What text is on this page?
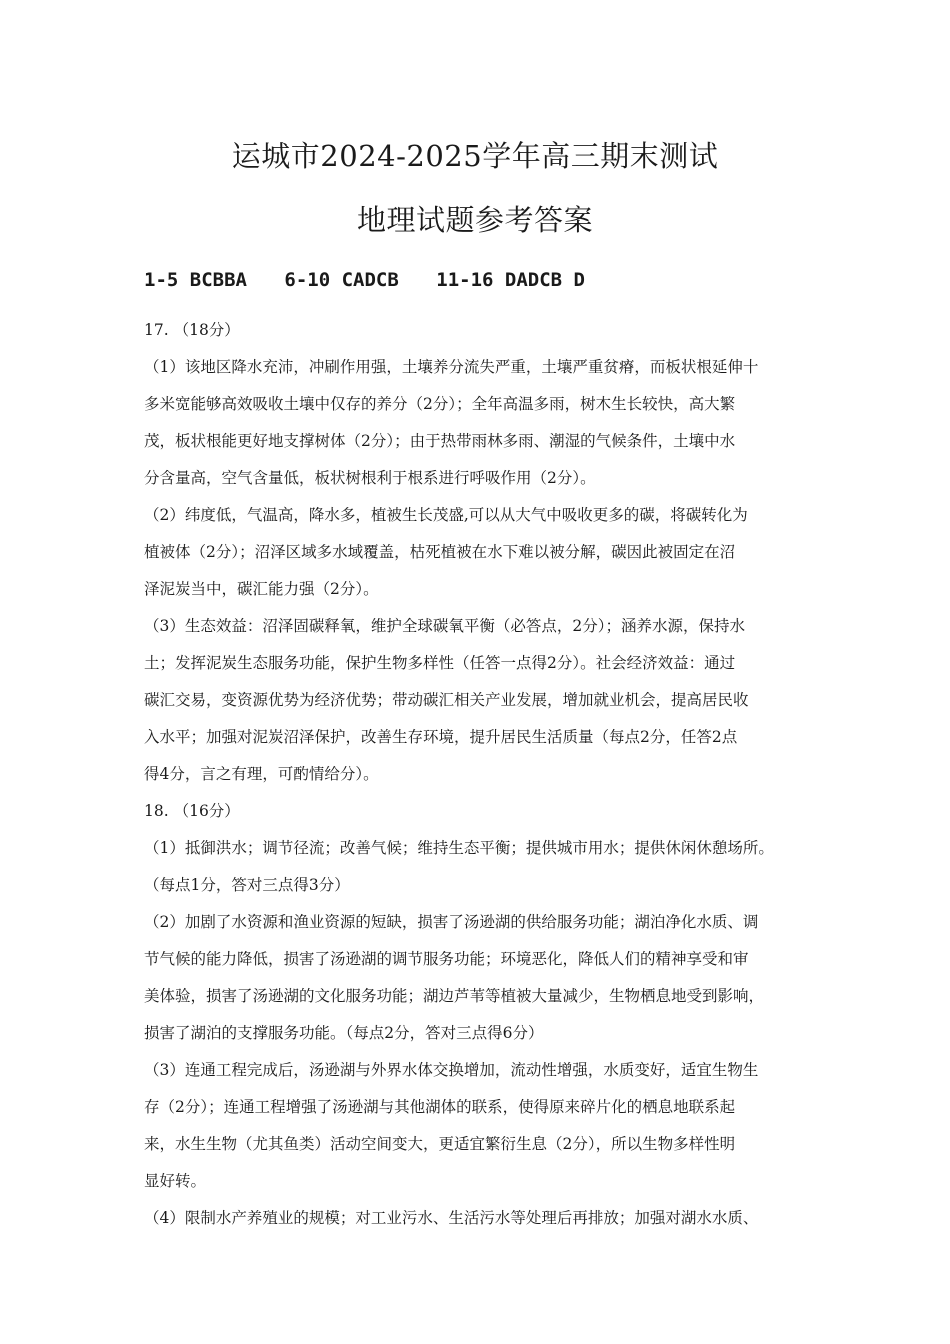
运城市2024-2025学年高三期末测试
地理试题参考答案
1-5 BCBBA 6-10 CADCB 11-16 DADCB D
17. （18分）
（1）该地区降水充沛，冲刷作用强，土壤养分流失严重，土壤严重贫瘠，而板状根延伸十
多米宽能够高效吸收土壤中仅存的养分（2分）；全年高温多雨，树木生长较快，高大繁
茂，板状根能更好地支撑树体（2分）；由于热带雨林多雨、潮湿的气候条件，土壤中水
分含量高，空气含量低，板状树根利于根系进行呼吸作用（2分）。
（2）纬度低，气温高，降水多，植被生长茂盛,可以从大气中吸收更多的碳，将碳转化为
植被体（2分）；沼泽区域多水域覆盖，枯死植被在水下难以被分解，碳因此被固定在沼
泽泥炭当中，碳汇能力强（2分）。
（3）生态效益：沼泽固碳释氧，维护全球碳氧平衡（必答点，2分）；涵养水源，保持水
土；发挥泥炭生态服务功能，保护生物多样性（任答一点得2分）。社会经济效益：通过
碳汇交易，变资源优势为经济优势；带动碳汇相关产业发展，增加就业机会，提高居民收
入水平；加强对泥炭沼泽保护，改善生存环境，提升居民生活质量（每点2分，任答2点
得4分，言之有理，可酌情给分）。
18. （16分）
（1）抵御洪水；调节径流；改善气候；维持生态平衡；提供城市用水；提供休闲休憩场所。
（每点1分，答对三点得3分）
（2）加剧了水资源和渔业资源的短缺，损害了汤逊湖的供给服务功能；湖泊净化水质、调
节气候的能力降低，损害了汤逊湖的调节服务功能；环境恶化，降低人们的精神享受和审
美体验，损害了汤逊湖的文化服务功能；湖边芦苇等植被大量减少，生物栖息地受到影响，
损害了湖泊的支撑服务功能。（每点2分，答对三点得6分）
（3）连通工程完成后，汤逊湖与外界水体交换增加，流动性增强，水质变好，适宜生物生
存（2分）；连通工程增强了汤逊湖与其他湖体的联系，使得原来碎片化的栖息地联系起
来，水生生物（尤其鱼类）活动空间变大，更适宜繁衍生息（2分），所以生物多样性明
显好转。
（4）限制水产养殖业的规模；对工业污水、生活污水等处理后再排放；加强对湖水水质、
